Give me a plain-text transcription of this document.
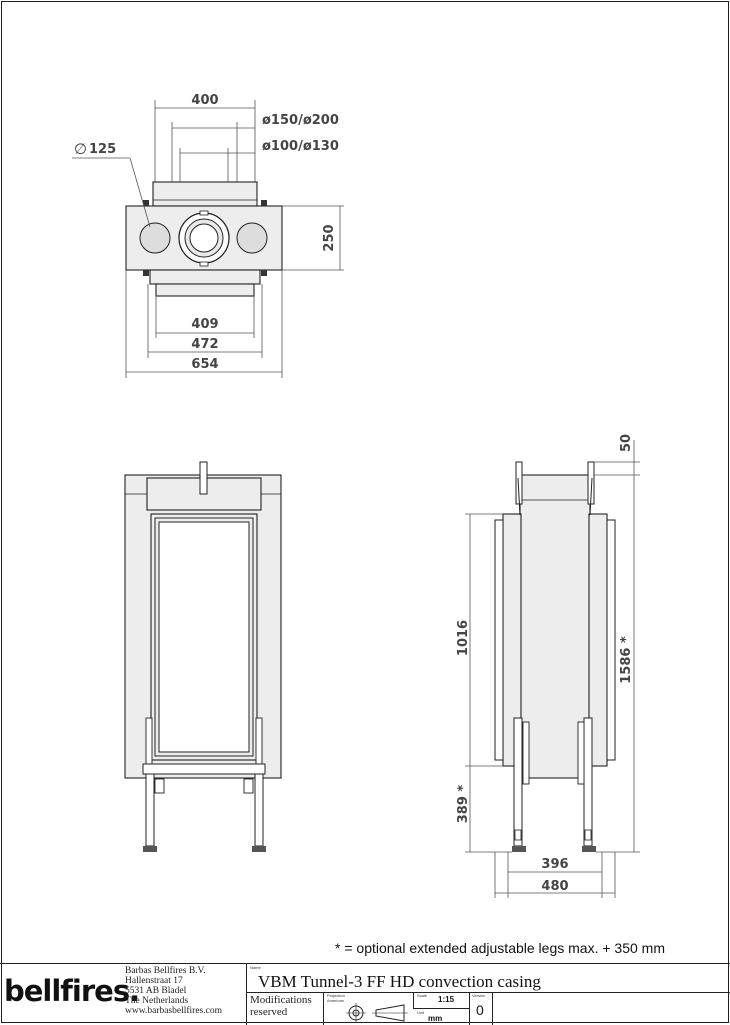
400
ø150/ø200
ø100/ø130
∅ 125
250
409
472
654
50
1016	1586 *
389 *
396
480
* = optional extended adjustable legs max. + 350 mm
bellfires.
Barbas Bellfires B.V.
Hallenstraat 17
5531 AB Bladel
The Netherlands
www.barbasbellfires.com
Name
VBM Tunnel-3 FF HD convection casing
Modifications
reserved
Projection
American
Scale 1:15
Unit
mm
Version
0
